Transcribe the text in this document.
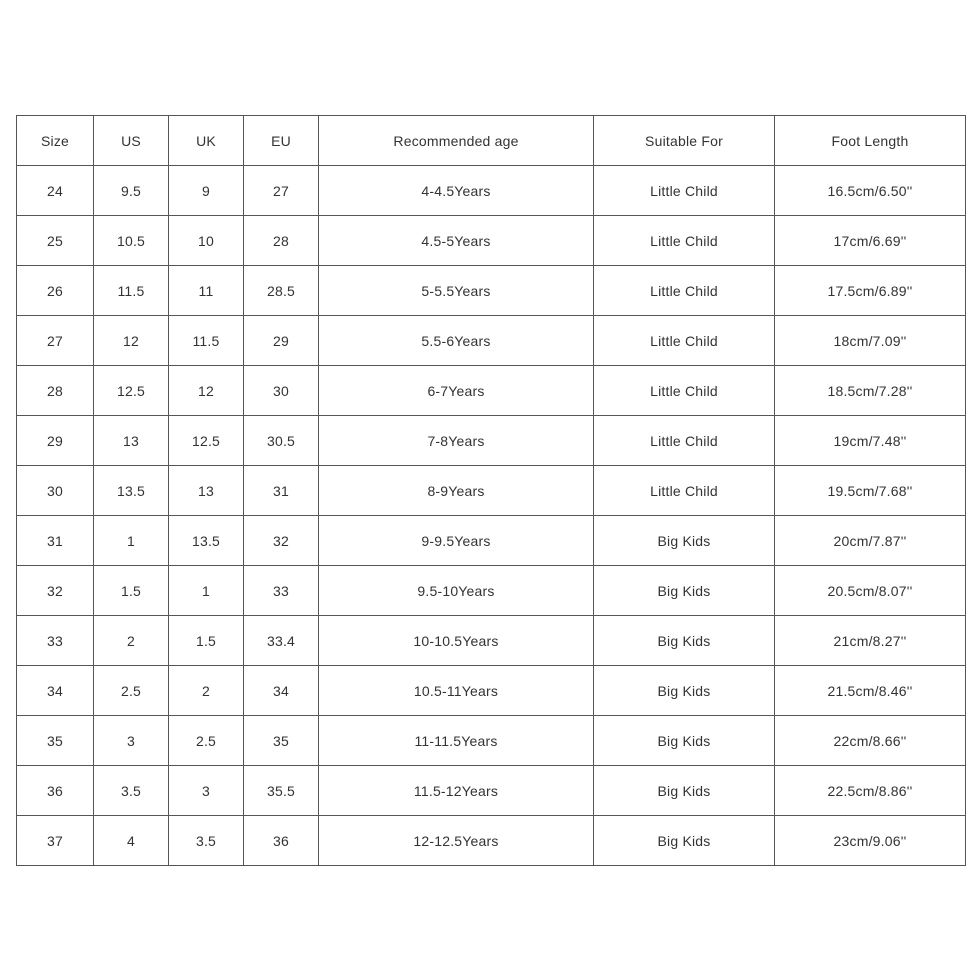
Size	US	UK	EU	Recommended age	Suitable For	Foot Length
24	9.5	9	27	4-4.5Years	Little Child	16.5cm/6.50''
25	10.5	10	28	4.5-5Years	Little Child	17cm/6.69''
26	11.5	11	28.5	5-5.5Years	Little Child	17.5cm/6.89''
27	12	11.5	29	5.5-6Years	Little Child	18cm/7.09''
28	12.5	12	30	6-7Years	Little Child	18.5cm/7.28''
29	13	12.5	30.5	7-8Years	Little Child	19cm/7.48''
30	13.5	13	31	8-9Years	Little Child	19.5cm/7.68''
31	1	13.5	32	9-9.5Years	Big Kids	20cm/7.87''
32	1.5	1	33	9.5-10Years	Big Kids	20.5cm/8.07''
33	2	1.5	33.4	10-10.5Years	Big Kids	21cm/8.27''
34	2.5	2	34	10.5-11Years	Big Kids	21.5cm/8.46''
35	3	2.5	35	11-11.5Years	Big Kids	22cm/8.66''
36	3.5	3	35.5	11.5-12Years	Big Kids	22.5cm/8.86''
37	4	3.5	36	12-12.5Years	Big Kids	23cm/9.06''
